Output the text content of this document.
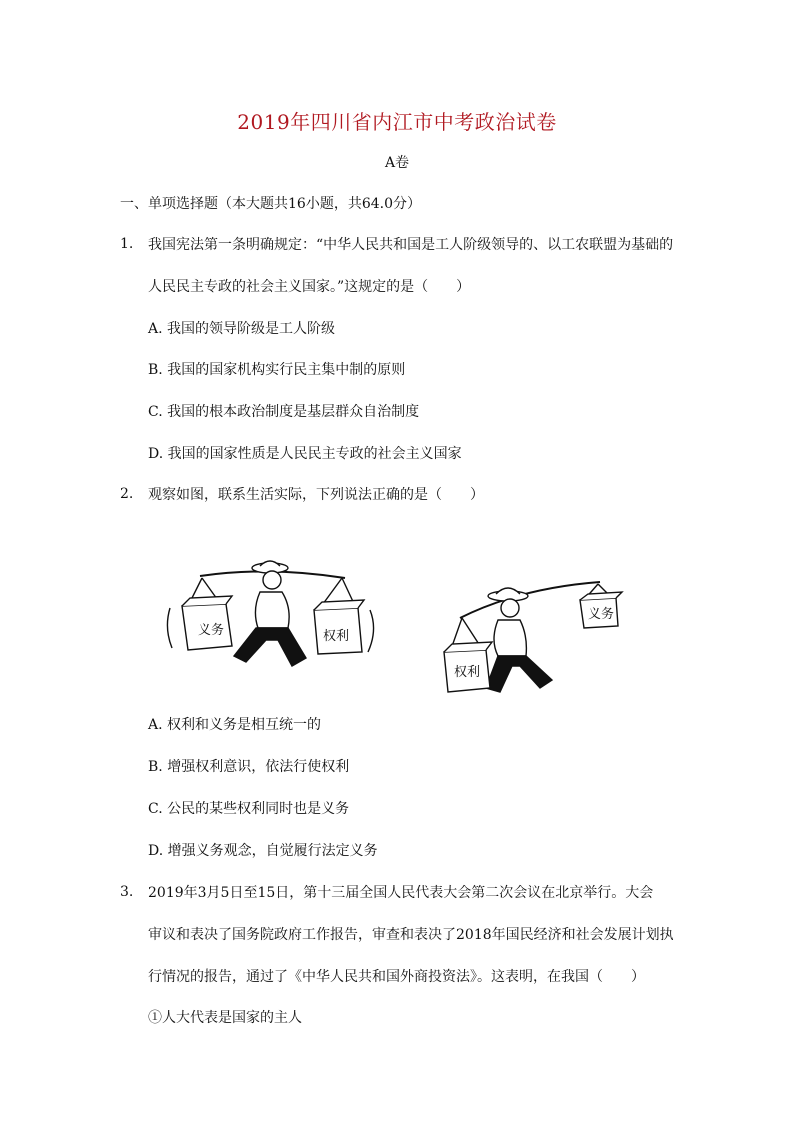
2019年四川省内江市中考政治试卷
A卷
一、单项选择题（本大题共16小题，共64.0分）
1. 我国宪法第一条明确规定：“中华人民共和国是工人阶级领导的、以工农联盟为基础的
人民民主专政的社会主义国家。”这规定的是（　　）
A. 我国的领导阶级是工人阶级
B. 我国的国家机构实行民主集中制的原则
C. 我国的根本政治制度是基层群众自治制度
D. 我国的国家性质是人民民主专政的社会主义国家
2. 观察如图，联系生活实际，下列说法正确的是（　　）
义务	权利
权利
义务
A. 权利和义务是相互统一的
B. 增强权利意识，依法行使权利
C. 公民的某些权利同时也是义务
D. 增强义务观念，自觉履行法定义务
3. 2019年3月5日至15日，第十三届全国人民代表大会第二次会议在北京举行。大会
审议和表决了国务院政府工作报告，审查和表决了2018年国民经济和社会发展计划执
行情况的报告，通过了《中华人民共和国外商投资法》。这表明，在我国（　　）
①人大代表是国家的主人
